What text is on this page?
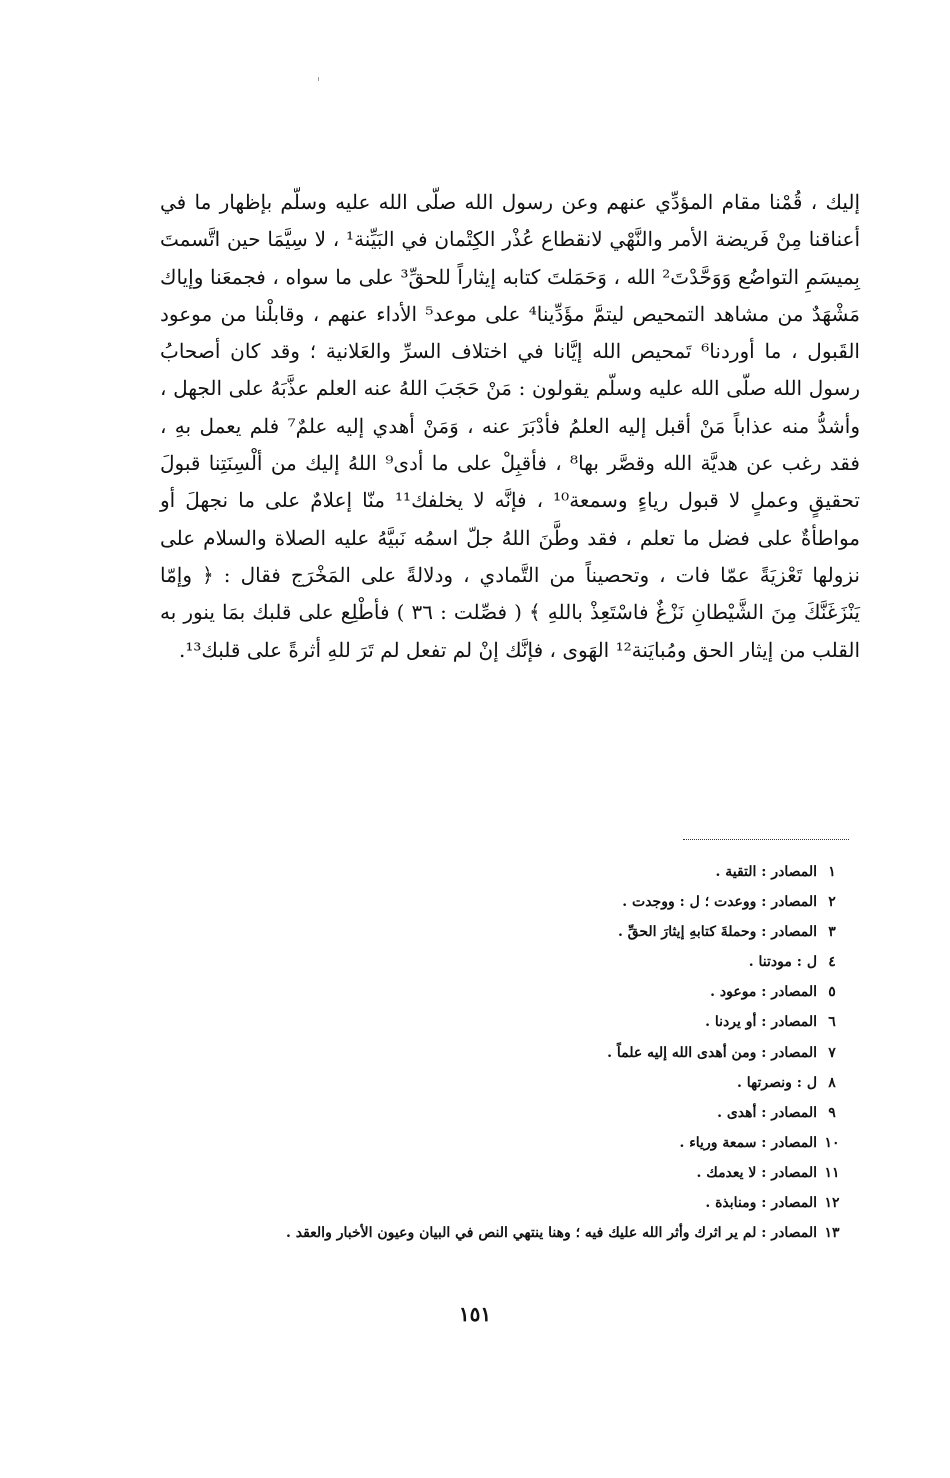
إليك ، قُمْنا مقام المؤدِّي عنهم وعن رسول الله صلّى الله عليه وسلّم بإظهار ما في أعناقنا مِنْ فَريضة الأمر والنَّهْي لانقطاع عُذْر الكِتْمان في البَيِّنة¹ ، لا سِيَّمَا حين اتَّسمتَ بِميسَمِ التواضُع وَوَحَّدْتَ² الله ، وَحَمَلتَ كتابه إيثاراً للحقِّ³ على ما سواه ، فجمعَنا وإياك مَشْهَدٌ من مشاهد التمحيص ليتمَّ مؤَدِّينا⁴ على موعد⁵ الأداء عنهم ، وقابلْنا من موعود القَبول ، ما أوردنا⁶ تَمحيص الله إيَّانا في اختلاف السرِّ والعَلانية ؛ وقد كان أصحابُ رسول الله صلّى الله عليه وسلّم يقولون : مَنْ حَجَبَ اللهُ عنه العلم عذَّبَهُ على الجهل ، وأشدُّ منه عذاباً مَنْ أقبل إليه العلمُ فأدْبَرَ عنه ، وَمَنْ أهدي إليه علمٌ⁷ فلم يعمل بهِ ، فقد رغب عن هديَّة الله وقصَّر بها⁸ ، فأقبِلْ على ما أدى⁹ اللهُ إليك من ألْسِنَتِنا قبولَ تحقيقٍ وعملٍ لا قبول رياءٍ وسمعة¹⁰ ، فإنَّه لا يخلفك¹¹ منّا إعلامٌ على ما نجهلَ أو مواطأةٌ على فضل ما تعلم ، فقد وطَّنَ اللهُ جلّ اسمُه نَبيَّهُ عليه الصلاة والسلام على نزولها تَعْزيَةً عمّا فات ، وتحصيناً من التَّمادي ، ودلالةً على المَخْرَج فقال : ﴿ وإمّا يَنْزَغَنَّكَ مِنَ الشَّيْطانِ نَزْغٌ فاسْتَعِذْ باللهِ ﴾ ( فصِّلت : ٣٦ ) فأطْلِع على قلبك بمَا ينور به القلب من إيثار الحق ومُبايَنة¹² الهَوى ، فإنَّك إنْ لم تفعل لم تَرَ للهِ أثرةً على قلبك¹³.

١
المصادر : التقية .
٢
المصادر : ووعدت ؛ ل : ووجدت .
٣
المصادر : وحملةَ كتابهِ إيثارَ الحقِّ .
٤
ل : مودتنا .
٥
المصادر : موعود .
٦
المصادر : أو يردنا .
٧
المصادر : ومن أهدى الله إليه علماً .
٨
ل : ونصرتها .
٩
المصادر : أهدى .
١٠
المصادر : سمعة ورياء .
١١
المصادر : لا يعدمك .
١٢
المصادر : ومنابذة .
١٣
المصادر : لم ير اثرك وأثر الله عليك فيه ؛ وهنا ينتهي النص في البيان وعيون الأخبار والعقد .
١٥١
